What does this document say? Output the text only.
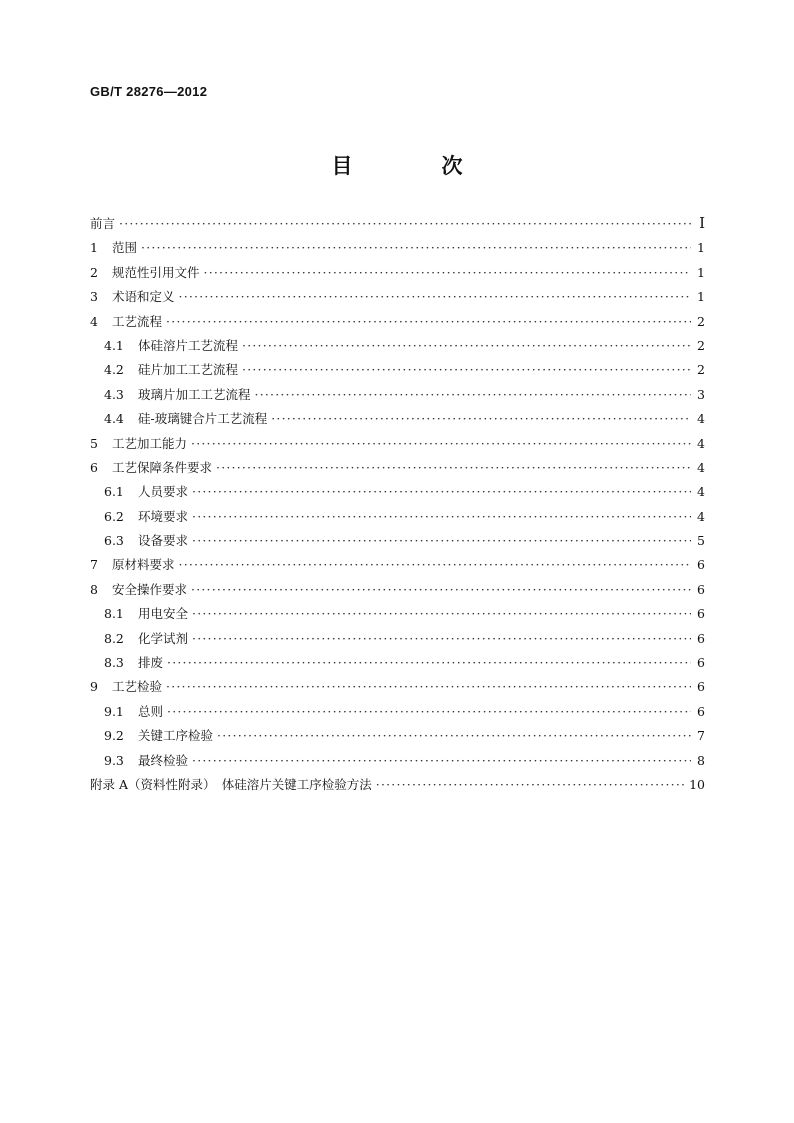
GB/T 28276—2012
目　次
前言 ·····	Ⅰ
1	范围 ·····	1
2	规范性引用文件 ·····	1
3	术语和定义 ·····	1
4	工艺流程 ·····	2
4.1	体硅溶片工艺流程 ·····	2
4.2	硅片加工工艺流程 ·····	2
4.3	玻璃片加工工艺流程 ·····	3
4.4	硅-玻璃键合片工艺流程 ·····	4
5	工艺加工能力 ·····	4
6	工艺保障条件要求 ·····	4
6.1	人员要求 ·····	4
6.2	环境要求 ·····	4
6.3	设备要求 ·····	5
7	原材料要求 ·····	6
8	安全操作要求 ·····	6
8.1	用电安全 ·····	6
8.2	化学试剂 ·····	6
8.3	排废 ·····	6
9	工艺检验 ·····	6
9.1	总则 ·····	6
9.2	关键工序检验 ·····	7
9.3	最终检验 ·····	8
附录 A（资料性附录）　体硅溶片关键工序检验方法 ·····	10
